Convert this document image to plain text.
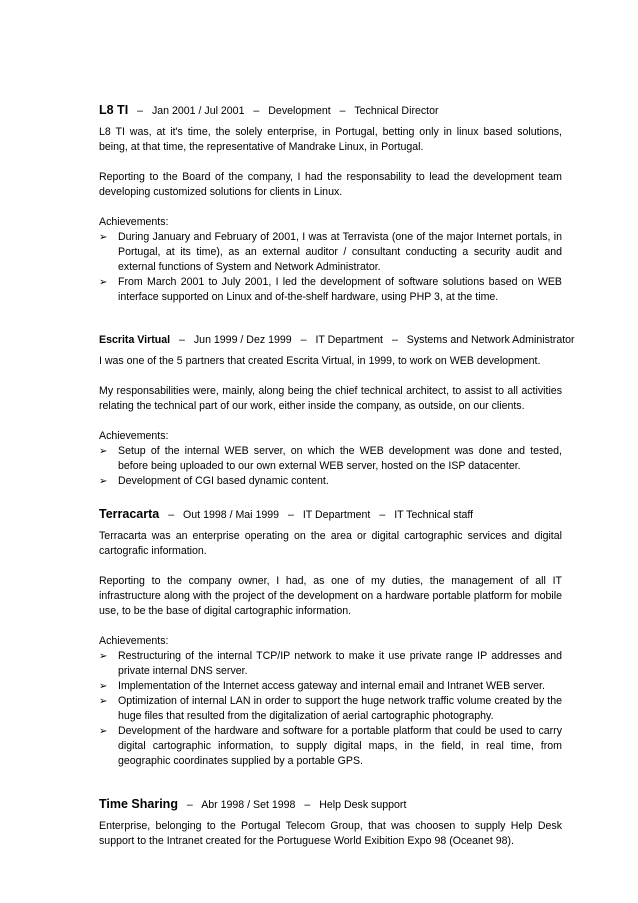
L8 TI – Jan 2001 / Jul 2001 – Development – Technical Director

L8 TI was, at it's time, the solely enterprise, in Portugal, betting only in linux based solutions, being, at that time, the representative of Mandrake Linux, in Portugal.

Reporting to the Board of the company, I had the responsability to lead the development team developing customized solutions for clients in Linux.

Achievements:
➢ During January and February of 2001, I was at Terravista (one of the major Internet portals, in Portugal, at its time), as an external auditor / consultant conducting a security audit and external functions of System and Network Administrator.
➢ From March 2001 to July 2001, I led the development of software solutions based on WEB interface supported on Linux and of-the-shelf hardware, using PHP 3, at the time.
Escrita Virtual – Jun 1999 / Dez 1999 – IT Department – Systems and Network Administrator

I was one of the 5 partners that created Escrita Virtual, in 1999, to work on WEB development.

My responsabilities were, mainly, along being the chief technical architect, to assist to all activities relating the technical part of our work, either inside the company, as outside, on our clients.

Achievements:
➢ Setup of the internal WEB server, on which the WEB development was done and tested, before being uploaded to our own external WEB server, hosted on the ISP datacenter.
➢ Development of CGI based dynamic content.
Terracarta – Out 1998 / Mai 1999 – IT Department – IT Technical staff

Terracarta was an enterprise operating on the area or digital cartographic services and digital cartografic information.

Reporting to the company owner, I had, as one of my duties, the management of all IT infrastructure along with the project of the development on a hardware portable platform for mobile use, to be the base of digital cartographic information.

Achievements:
➢ Restructuring of the internal TCP/IP network to make it use private range IP addresses and private internal DNS server.
➢ Implementation of the Internet access gateway and internal email and Intranet WEB server.
➢ Optimization of internal LAN in order to support the huge network traffic volume created by the huge files that resulted from the digitalization of aerial cartographic photography.
➢ Development of the hardware and software for a portable platform that could be used to carry digital cartographic information, to supply digital maps, in the field, in real time, from geographic coordinates supplied by a portable GPS.
Time Sharing – Abr 1998 / Set 1998 – Help Desk support

Enterprise, belonging to the Portugal Telecom Group, that was choosen to supply Help Desk support to the Intranet created for the Portuguese World Exibition Expo 98 (Oceanet 98).
